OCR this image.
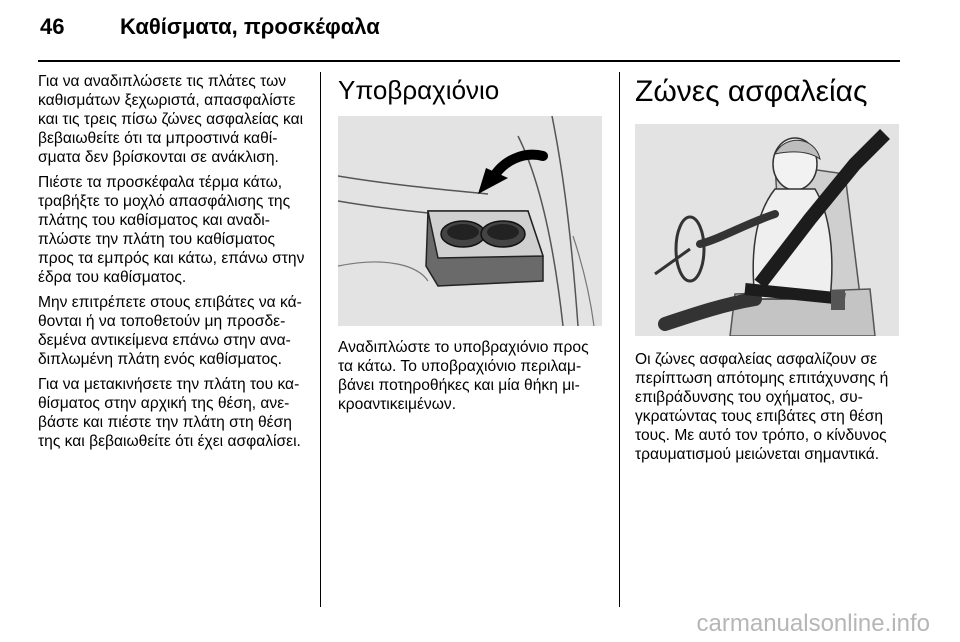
46	Καθίσματα, προσκέφαλα

Για να αναδιπλώσετε τις πλάτες των καθισμάτων ξεχωριστά, απασφαλίστε και τις τρεις πίσω ζώνες ασφαλείας και βεβαιωθείτε ότι τα μπροστινά καθί-σματα δεν βρίσκονται σε ανάκλιση.

Πιέστε τα προσκέφαλα τέρμα κάτω, τραβήξτε το μοχλό απασφάλισης της πλάτης του καθίσματος και αναδι-πλώστε την πλάτη του καθίσματος προς τα εμπρός και κάτω, επάνω στην έδρα του καθίσματος.

Μην επιτρέπετε στους επιβάτες να κά-θονται ή να τοποθετούν μη προσδε-δεμένα αντικείμενα επάνω στην ανα-διπλωμένη πλάτη ενός καθίσματος.

Για να μετακινήσετε την πλάτη του κα-θίσματος στην αρχική της θέση, ανε-βάστε και πιέστε την πλάτη στη θέση της και βεβαιωθείτε ότι έχει ασφαλίσει.

Υποβραχιόνιο

Αναδιπλώστε το υποβραχιόνιο προς τα κάτω. Το υποβραχιόνιο περιλαμ-βάνει ποτηροθήκες και μία θήκη μι-κροαντικειμένων.

Ζώνες ασφαλείας

Οι ζώνες ασφαλείας ασφαλίζουν σε περίπτωση απότομης επιτάχυνσης ή επιβράδυνσης του οχήματος, συ-γκρατώντας τους επιβάτες στη θέση τους. Με αυτό τον τρόπο, ο κίνδυνος τραυματισμού μειώνεται σημαντικά.

carmanualsonline.info
